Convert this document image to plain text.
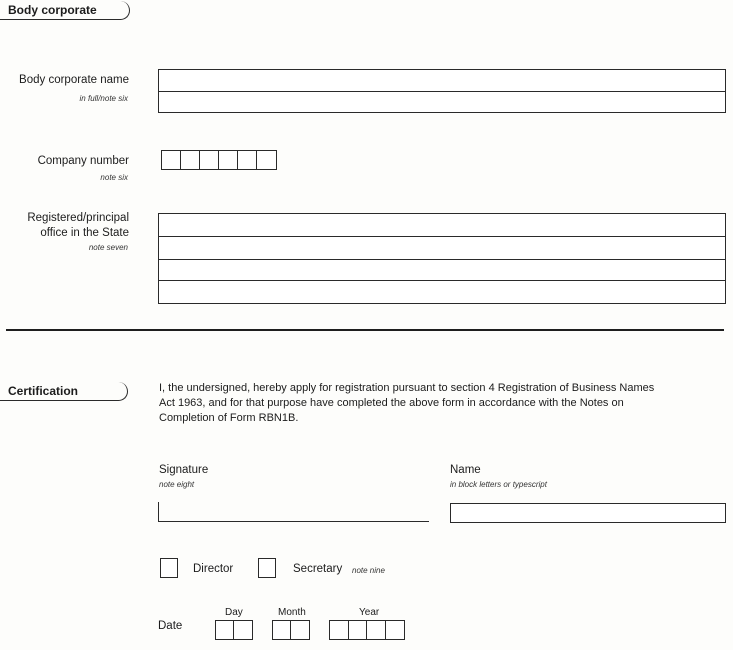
Body corporate
Body corporate name
in full/note six
Company number
note six
Registered/principal
office in the State
note seven
Certification	I, the undersigned, hereby apply for registration pursuant to section 4 Registration of Business Names
Act 1963, and for that purpose have completed the above form in accordance with the Notes on
Completion of Form RBN1B.
Signature
note eight
Name
in block letters or typescript
Director	Secretary note nine
Date
Day	Month	Year
